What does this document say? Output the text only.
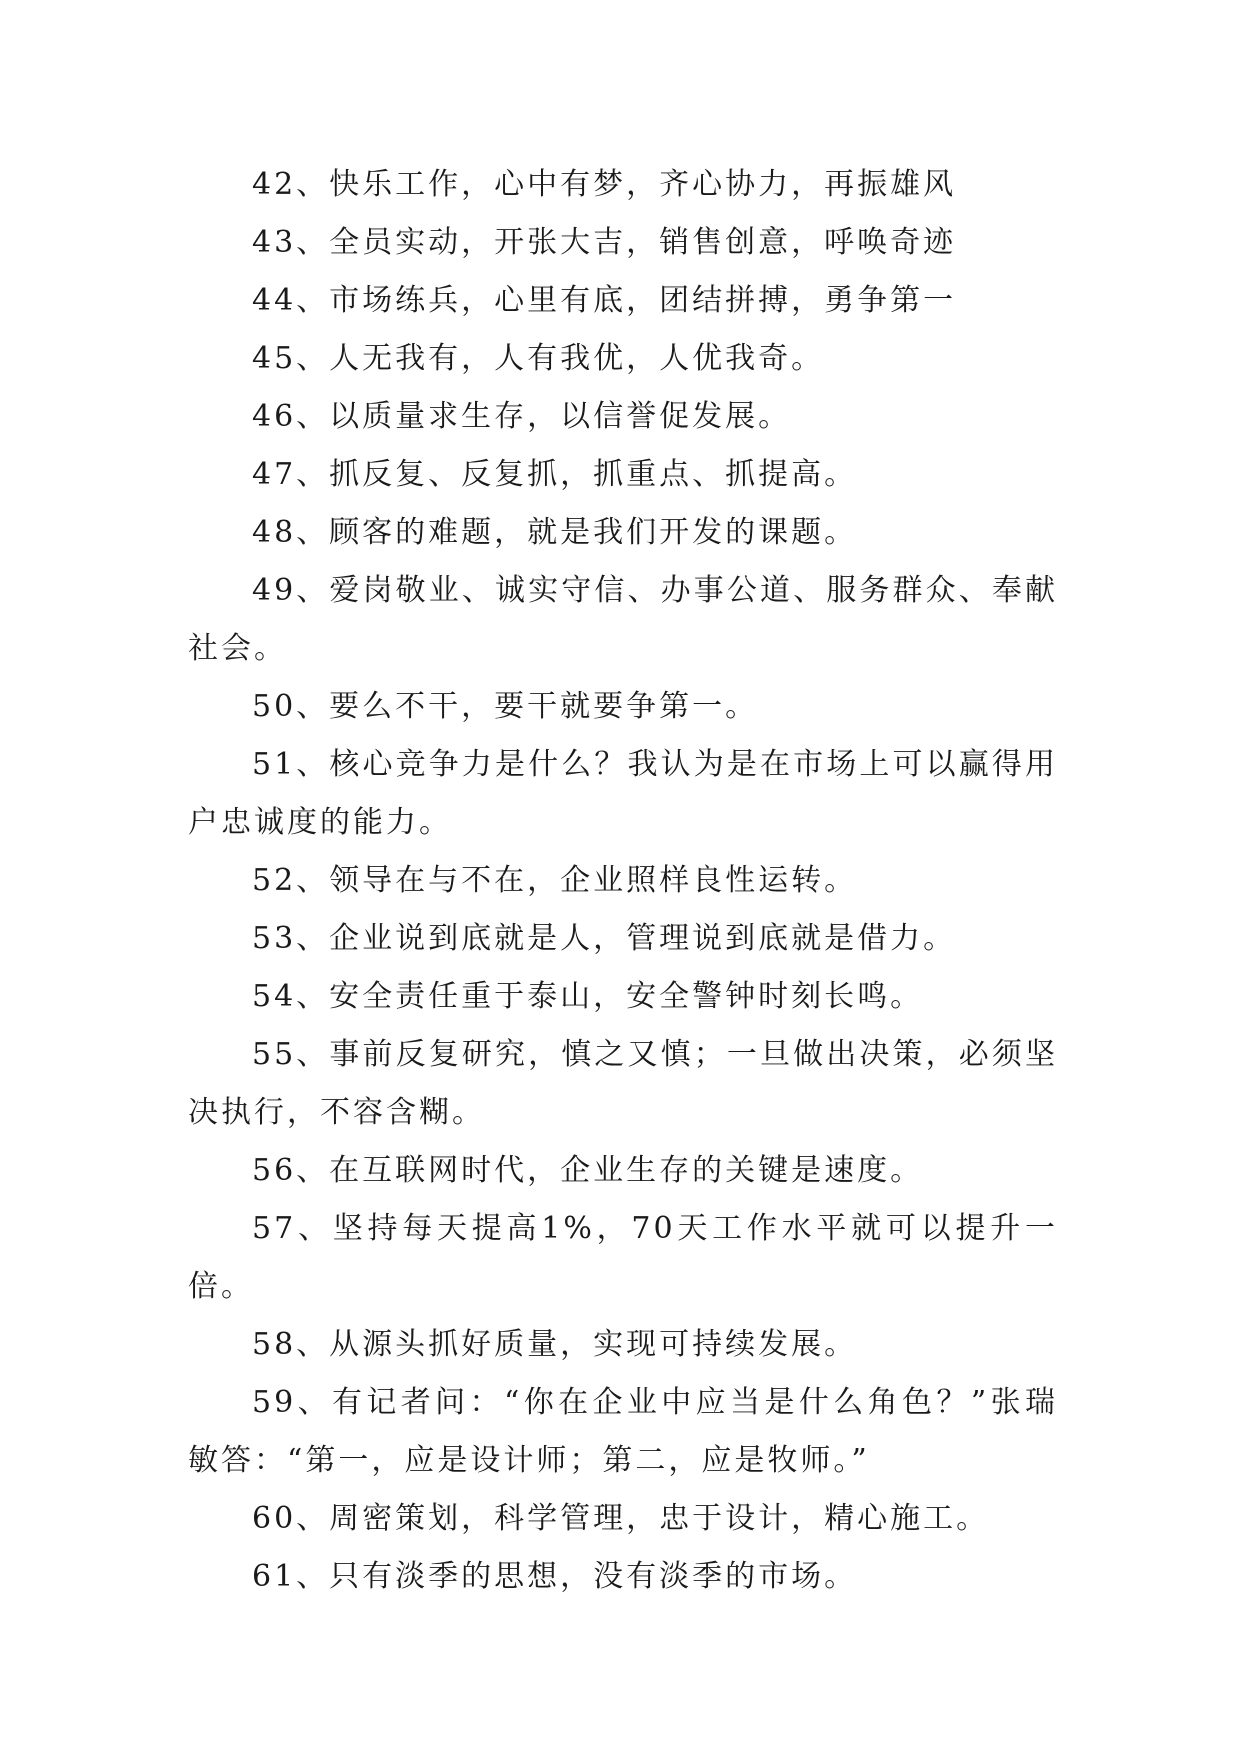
42、快乐工作，心中有梦，齐心协力，再振雄风

43、全员实动，开张大吉，销售创意，呼唤奇迹

44、市场练兵，心里有底，团结拼搏，勇争第一

45、人无我有，人有我优，人优我奇。

46、以质量求生存，以信誉促发展。

47、抓反复、反复抓，抓重点、抓提高。

48、顾客的难题，就是我们开发的课题。

49、爱岗敬业、诚实守信、办事公道、服务群众、奉献社会。

50、要么不干，要干就要争第一。

51、核心竞争力是什么？我认为是在市场上可以赢得用户忠诚度的能力。

52、领导在与不在，企业照样良性运转。

53、企业说到底就是人，管理说到底就是借力。

54、安全责任重于泰山，安全警钟时刻长鸣。

55、事前反复研究，慎之又慎；一旦做出决策，必须坚决执行，不容含糊。

56、在互联网时代，企业生存的关键是速度。

57、坚持每天提高1%，70天工作水平就可以提升一倍。

58、从源头抓好质量，实现可持续发展。

59、有记者问：“你在企业中应当是什么角色？”张瑞敏答：“第一，应是设计师；第二，应是牧师。”

60、周密策划，科学管理，忠于设计，精心施工。

61、只有淡季的思想，没有淡季的市场。
